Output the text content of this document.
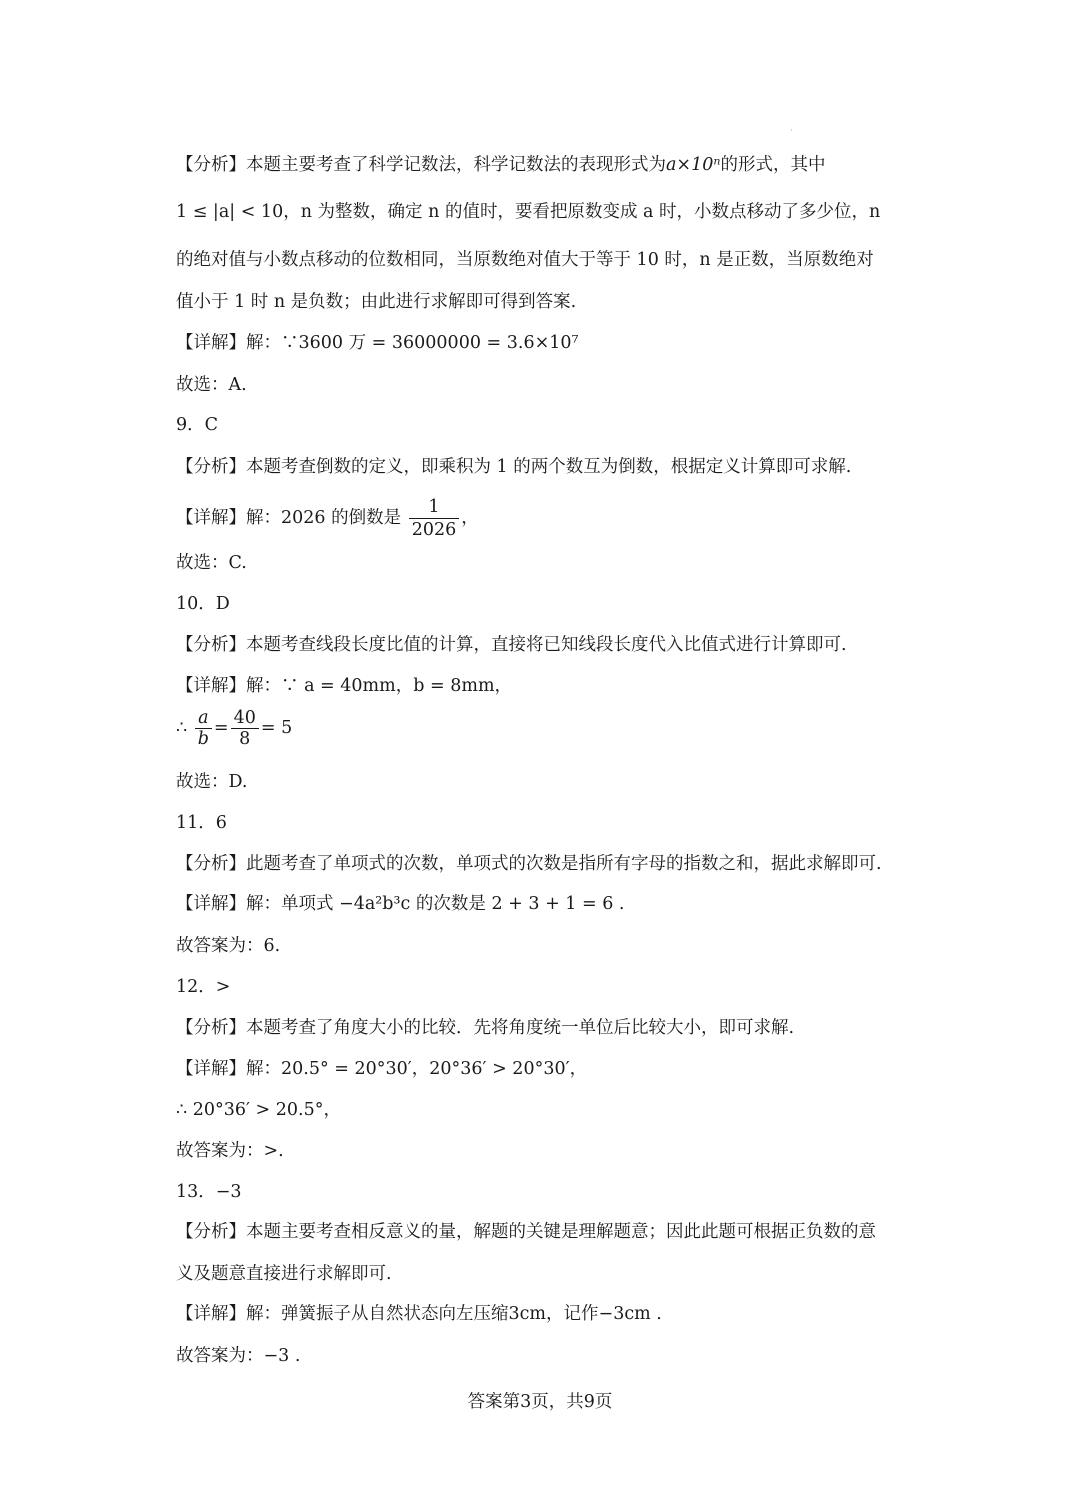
·
【分析】本题主要考查了科学记数法，科学记数法的表现形式为a×10ⁿ的形式，其中
1 ≤ |a| < 10，n 为整数，确定 n 的值时，要看把原数变成 a 时，小数点移动了多少位，n
的绝对值与小数点移动的位数相同，当原数绝对值大于等于 10 时，n 是正数，当原数绝对
值小于 1 时 n 是负数；由此进行求解即可得到答案.
【详解】解：∵3600 万 = 36000000 = 3.6×10⁷
故选：A.
9．C
【分析】本题考查倒数的定义，即乘积为 1 的两个数互为倒数，根据定义计算即可求解.
【详解】解：2026 的倒数是 $\frac{1}{2026}$ ，
故选：C.
10．D
【分析】本题考查线段长度比值的计算，直接将已知线段长度代入比值式进行计算即可.
【详解】解：∵ a = 40mm，b = 8mm，
∴ $\frac{a}{b} = \frac{40}{8} = 5$
故选：D.
11．6
【分析】此题考查了单项式的次数，单项式的次数是指所有字母的指数之和，据此求解即可.
【详解】解：单项式 −4a²b³c 的次数是 2 + 3 + 1 = 6 .
故答案为：6.
12．>
【分析】本题考查了角度大小的比较．先将角度统一单位后比较大小，即可求解.
【详解】解：20.5° = 20°30′，20°36′ > 20°30′，
∴ 20°36′ > 20.5°，
故答案为：>.
13．−3
【分析】本题主要考查相反意义的量，解题的关键是理解题意；因此此题可根据正负数的意
义及题意直接进行求解即可.
【详解】解：弹簧振子从自然状态向左压缩3cm，记作−3cm .
故答案为：−3 .
答案第3页，共9页
